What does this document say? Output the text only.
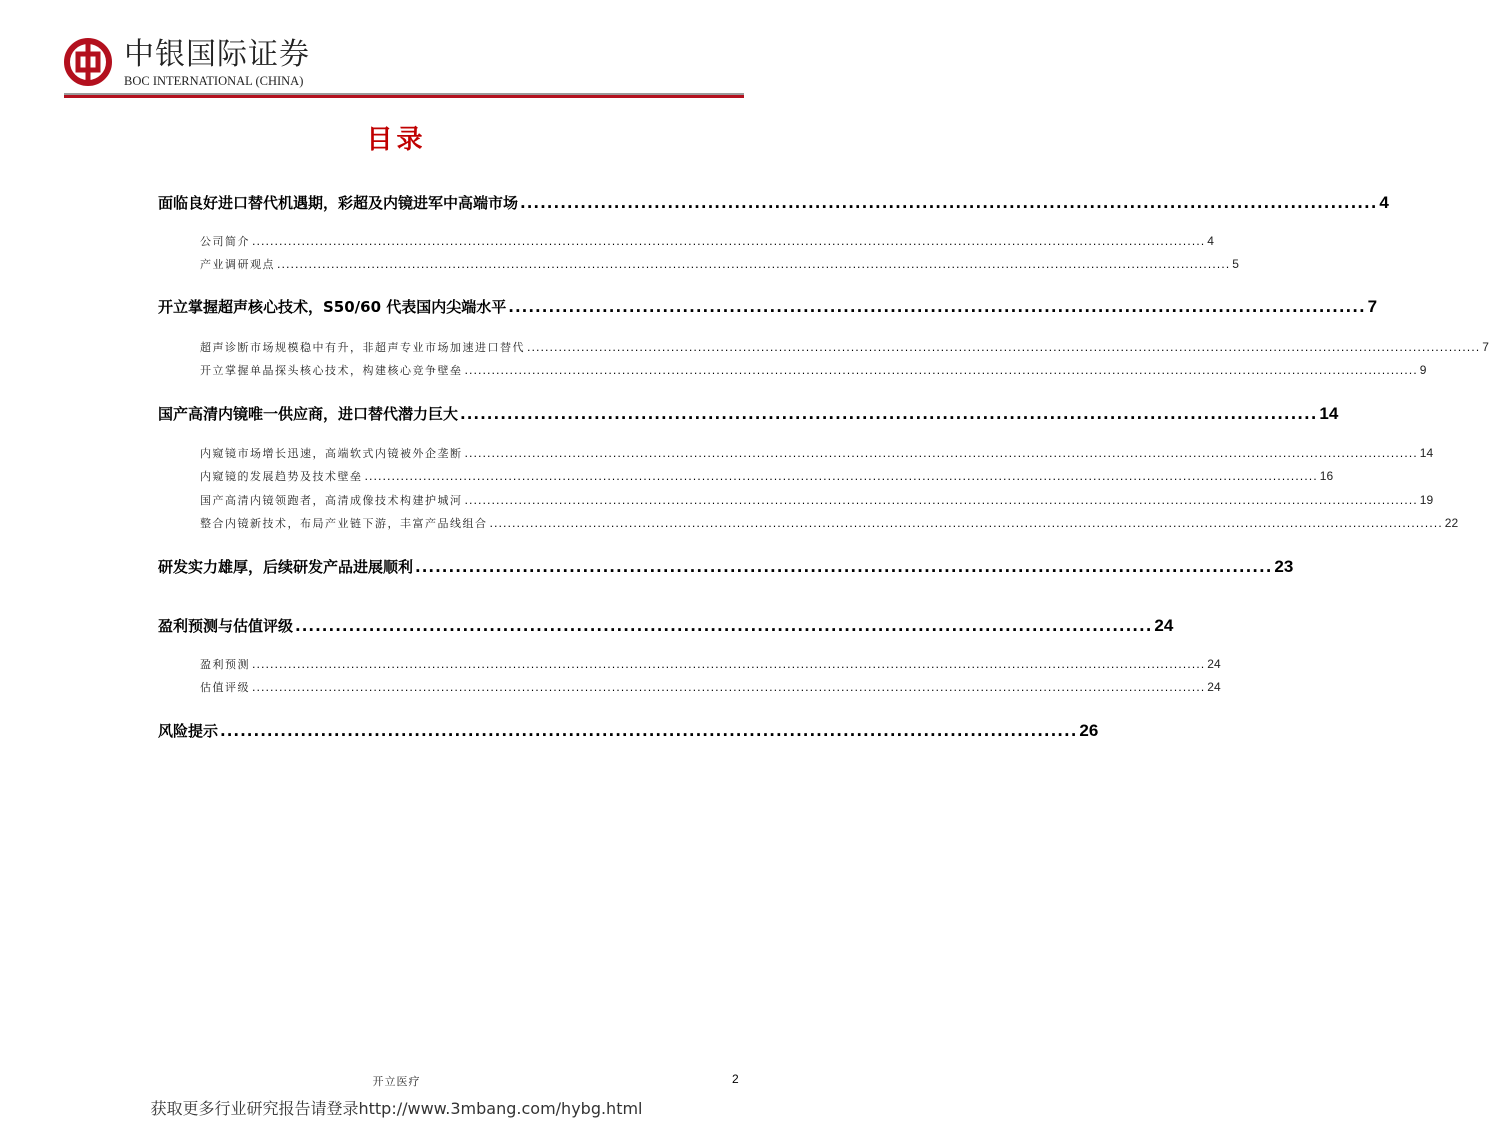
中银国际证券
BOC INTERNATIONAL (CHINA)
目录
面临良好进口替代机遇期，彩超及内镜进军中高端市场 ................................................................................................................................ 4
公司简介 .................................................................................................................................................................................................................... 4
产业调研观点 .................................................................................................................................................................................................................... 5
开立掌握超声核心技术，S50/60 代表国内尖端水平 ................................................................................................................................ 7
超声诊断市场规模稳中有升，非超声专业市场加速进口替代 .................................................................................................................................................................................................................... 7
开立掌握单晶探头核心技术，构建核心竞争壁垒 .................................................................................................................................................................................................................... 9
国产高清内镜唯一供应商，进口替代潜力巨大 ................................................................................................................................ 14
内窥镜市场增长迅速，高端软式内镜被外企垄断 .................................................................................................................................................................................................................... 14
内窥镜的发展趋势及技术壁垒 .................................................................................................................................................................................................................... 16
国产高清内镜领跑者，高清成像技术构建护城河 .................................................................................................................................................................................................................... 19
整合内镜新技术，布局产业链下游，丰富产品线组合 .................................................................................................................................................................................................................... 22
研发实力雄厚，后续研发产品进展顺利 ................................................................................................................................ 23
盈利预测与估值评级 ................................................................................................................................ 24
盈利预测 .................................................................................................................................................................................................................... 24
估值评级 .................................................................................................................................................................................................................... 24
风险提示 ................................................................................................................................ 26
开立医疗	2
获取更多行业研究报告请登录http://www.3mbang.com/hybg.html
